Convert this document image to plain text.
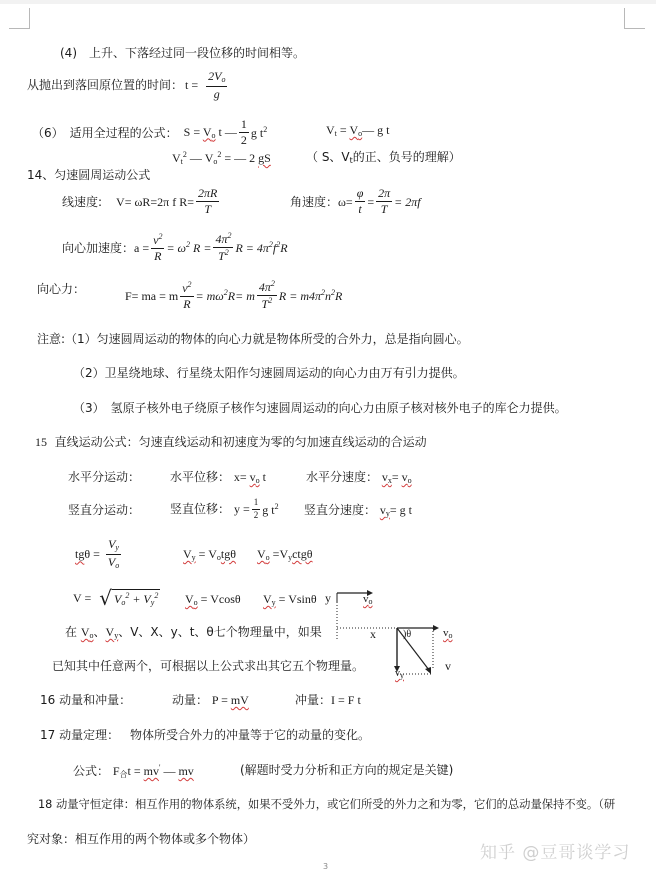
(4)　上升、下落经过同一段位移的时间相等。
从抛出到落回原位置的时间： $t = \frac{2V_o}{g}$
（6）　适用全过程的公式： $S = V_o$ t — $\frac{1}{2}$ g $t^2$	$V_t$ = $V_o—$ g t
$V_t^2$ — $V_o^2$ = — 2 gS	（ S、$V_t$的正、负号的理解）
14、匀速圆周运动公式
线速度: V= ωR=2π f $R= \frac{2\pi R}{T}$	角速度： $\omega= \frac{\varphi}{t} = \frac{2\pi}{T} = 2\pi f$
向心加速度： $a = \frac{v^2}{R} = \omega^2$ $R = \frac{4\pi^2}{T^2}$ $R = 4\pi^2f^2R$
向心力：	F= ma = m $\frac{v^2}{R} = m\omega^2R= m \frac{4\pi^2}{T^2}$ $R = m4\pi^2n^2R$
注意:（1）匀速圆周运动的物体的向心力就是物体所受的合外力，总是指向圆心。
（2）卫星绕地球、行星绕太阳作匀速圆周运动的向心力由万有引力提供。
（3） 氢原子核外电子绕原子核作匀速圆周运动的向心力由原子核对核外电子的库仑力提供。
15 直线运动公式：匀速直线运动和初速度为零的匀加速直线运动的合运动
水平分运动： 水平位移： $x= v_o$ t	水平分速度： $v_x= v_o$
竖直分运动： 竖直位移： $y = \frac{1}{2}$ g $t^2$ 竖直分速度： $v_y= g$ t
$tg\theta = \frac{V_y}{V_o}$	$V_y = V_otg\theta$ $V_o =V_yctg\theta$
V = √ $V_o^2 + V_y^2$ $V_o = Vcos\theta$ $V_y = Vsin\theta$ y	$v_o$
x	)θ	$v_o$
$v_y$
v
在 $V_o$、$V_y$、V、X、y、t、θ七个物理量中，如果
已知其中任意两个，可根据以上公式求出其它五个物理量。
16 动量和冲量：	动量： P = mV	冲量：I = F t
17 动量定理： 物体所受合外力的冲量等于它的动量的变化。
公式： $F_合t = mv'$ — mv	(解题时受力分析和正方向的规定是关键)
18 动量守恒定律：相互作用的物体系统，如果不受外力，或它们所受的外力之和为零，它们的总动量保持不变。（研
究对象：相互作用的两个物体或多个物体）
知乎 @豆哥谈学习
3
